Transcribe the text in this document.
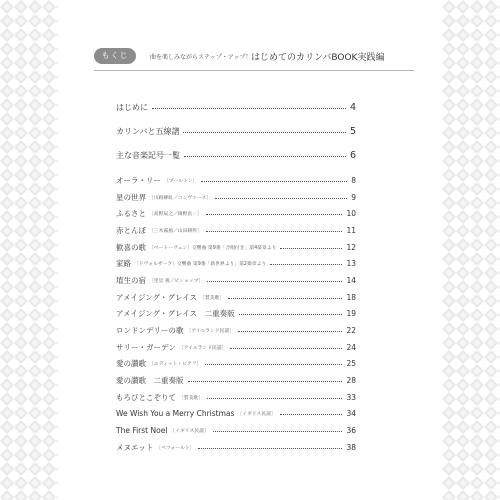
もくじ	曲を楽しみながらステップ・アップ！ はじめてのカリンバBOOK実践編
はじめに	4
カリンバと五線譜	5
主な音楽記号一覧	6
オーラ・リー ［プールトン］	8
星の世界 ［川路柳虹／コンヴァース］	9
ふるさと ［高野辰之／岡野貞一］	10
赤とんぼ ［三木露風／山田耕筰］	11
歓喜の歌 ［ベートーヴェン］交響曲 第9番「合唱付き」第4楽章より	12
家路 ［ドヴォルザーク］交響曲 第9番「新世界より」第2楽章より	13
埴生の宿 ［里見 義／ビショップ］	14
アメイジング・グレイス ［賛美歌］	18
アメイジング・グレイス　二重奏版	19
ロンドンデリーの歌 ［アイルランド民謡］	22
サリー・ガーデン ［アイルランド民謡］	24
愛の讃歌 ［エディット・ピアフ］	25
愛の讃歌　二重奏版	28
もろびとこぞりて ［賛美歌］	33
We Wish You a Merry Christmas ［イギリス民謡］	34
The First Noel ［イギリス民謡］	36
メヌエット ［ペツォールト］	38
